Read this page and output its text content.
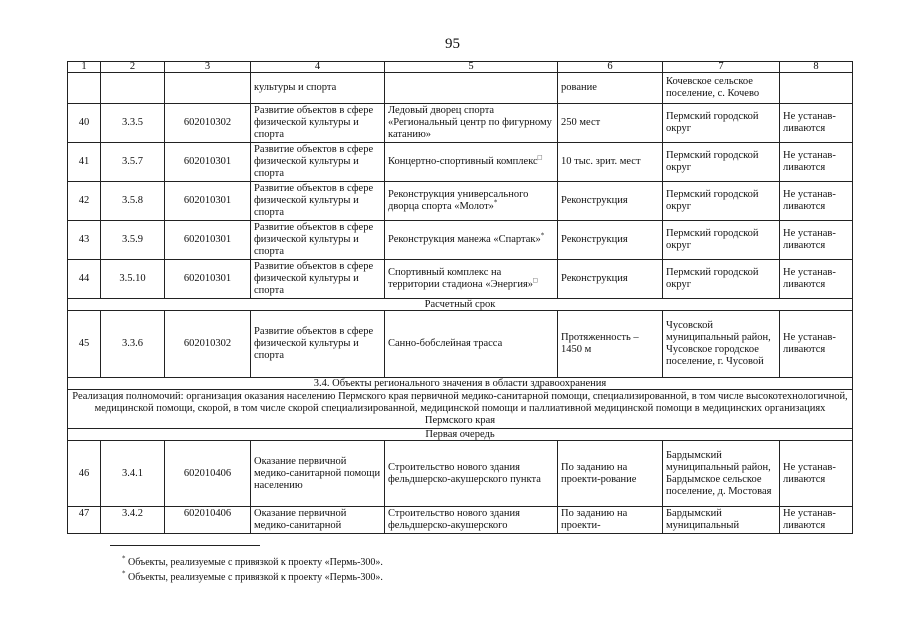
95
1	2	3	4	5	6	7	8
			культуры и спорта		рование	Кочевское сельское поселение, с. Кочево	
40	3.3.5	602010302	Развитие объектов в сфере физической культуры и спорта	Ледовый дворец спорта «Региональный центр по фигурному катанию»	250 мест	Пермский городской округ	Не устанав-ливаются
41	3.5.7	602010301	Развитие объектов в сфере физической культуры и спорта	Концертно-спортивный комплекс□	10 тыс. зрит. мест	Пермский городской округ	Не устанав-ливаются
42	3.5.8	602010301	Развитие объектов в сфере физической культуры и спорта	Реконструкция универсального дворца спорта «Молот»*	Реконструкция	Пермский городской округ	Не устанав-ливаются
43	3.5.9	602010301	Развитие объектов в сфере физической культуры и спорта	Реконструкция манежа «Спартак»*	Реконструкция	Пермский городской округ	Не устанав-ливаются
44	3.5.10	602010301	Развитие объектов в сфере физической культуры и спорта	Спортивный комплекс на территории стадиона «Энергия»□	Реконструкция	Пермский городской округ	Не устанав-ливаются
Расчетный срок							
45	3.3.6	602010302	Развитие объектов в сфере физической культуры и спорта	Санно-бобслейная трасса	Протяженность – 1450 м	Чусовской муниципальный район, Чусовское городское поселение, г. Чусовой	Не устанав-ливаются
3.4. Объекты регионального значения в области здравоохранения							
Реализация полномочий: организация оказания населению Пермского края первичной медико-санитарной помощи, специализированной, в том числе высокотехнологичной, медицинской помощи, скорой, в том числе скорой специализированной, медицинской помощи и паллиативной медицинской помощи в медицинских организациях Пермского края							
Первая очередь							
46	3.4.1	602010406	Оказание первичной медико-санитарной помощи населению	Строительство нового здания фельдшерско-акушерского пункта	По заданию на проекти-рование	Бардымский муниципальный район, Бардымское сельское поселение, д. Мостовая	Не устанав-ливаются
47	3.4.2	602010406	Оказание первичной медико-санитарной	Строительство нового здания фельдшерско-акушерского	По заданию на проекти-	Бардымский муниципальный	Не устанав-ливаются
* Объекты, реализуемые с привязкой к проекту «Пермь-300».
* Объекты, реализуемые с привязкой к проекту «Пермь-300».
